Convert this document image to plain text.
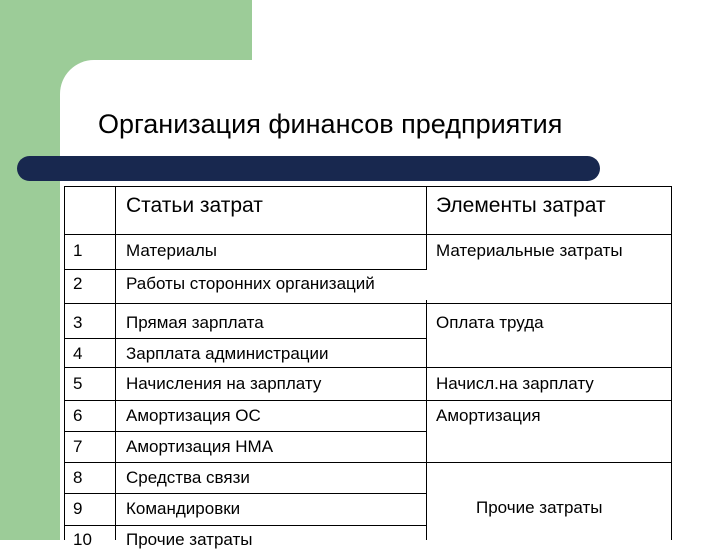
Организация финансов предприятия
Статьи затрат	Элементы затрат
1
2
3
4
5
6
7
8
9
10
Материалы
Работы сторонних организаций
Прямая зарплата
Зарплата администрации
Начисления на зарплату
Амортизация ОС
Амортизация НМА
Средства связи
Командировки
Прочие затраты
Материальные затраты
Оплата труда
Начисл.на зарплату
Амортизация
Прочие затраты
